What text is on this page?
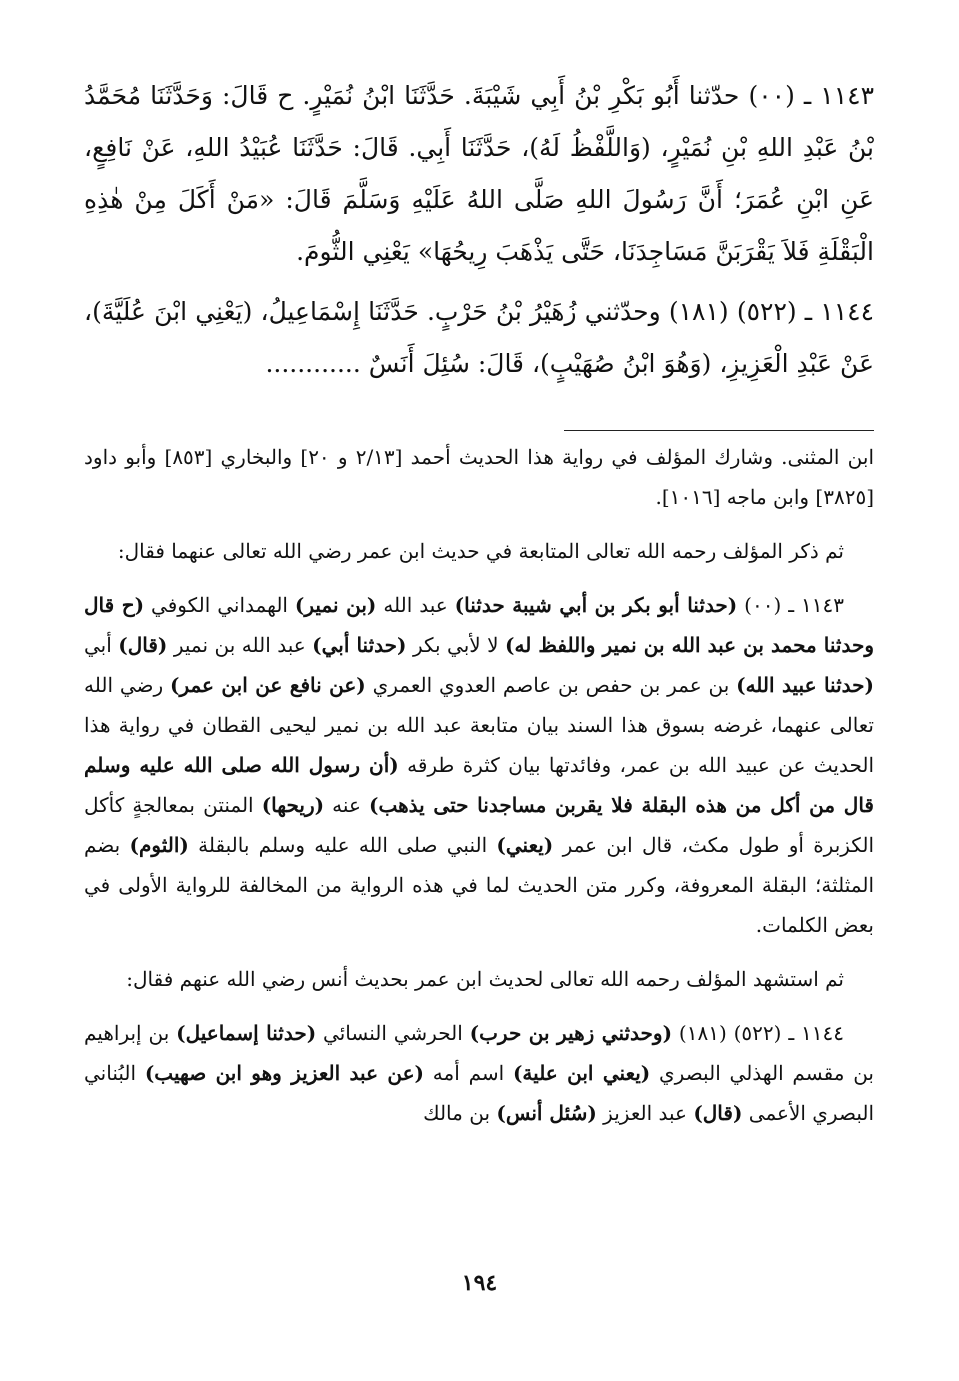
١١٤٣ ـ (٠٠) حدّثنا أَبُو بَكْرِ بْنُ أَبِي شَيْبَةَ. حَدَّثَنَا ابْنُ نُمَيْرٍ. ح قَالَ: وَحَدَّثَنَا مُحَمَّدُ بْنُ عَبْدِ اللهِ بْنِ نُمَيْرٍ، (وَاللَّفْظُ لَهُ)، حَدَّثَنَا أَبِي. قَالَ: حَدَّثَنَا عُبَيْدُ اللهِ، عَنْ نَافِعٍ، عَنِ ابْنِ عُمَرَ؛ أَنَّ رَسُولَ اللهِ صَلَّى اللهُ عَلَيْهِ وَسَلَّمَ قَالَ: «مَنْ أَكَلَ مِنْ هٰذِهِ الْبَقْلَةِ فَلاَ يَقْرَبَنَّ مَسَاجِدَنَا، حَتَّى يَذْهَبَ رِيحُهَا» يَعْنِي الثُّومَ.

١١٤٤ ـ (٥٢٢) (١٨١) وحدّثني زُهَيْرُ بْنُ حَرْبٍ. حَدَّثَنَا إِسْمَاعِيلُ، (يَعْنِي ابْنَ عُلَيَّةَ)، عَنْ عَبْدِ الْعَزِيزِ، (وَهُوَ ابْنُ صُهَيْبٍ)، قَالَ: سُئِلَ أَنَسٌ ............

ابن المثنى. وشارك المؤلف في رواية هذا الحديث أحمد [٢/١٣ و ٢٠] والبخاري [٨٥٣] وأبو داود [٣٨٢٥] وابن ماجه [١٠١٦].

ثم ذكر المؤلف رحمه الله تعالى المتابعة في حديث ابن عمر رضي الله تعالى عنهما فقال:

١١٤٣ ـ (٠٠) (حدثنا أبو بكر بن أبي شيبة حدثنا) عبد الله (بن نمير) الهمداني الكوفي (ح قال وحدثنا محمد بن عبد الله بن نمير واللفظ له) لا لأبي بكر (حدثنا أبي) عبد الله بن نمير (قال) أبي (حدثنا عبيد الله) بن عمر بن حفص بن عاصم العدوي العمري (عن نافع عن ابن عمر) رضي الله تعالى عنهما، غرضه بسوق هذا السند بيان متابعة عبد الله بن نمير ليحيى القطان في رواية هذا الحديث عن عبيد الله بن عمر، وفائدتها بيان كثرة طرقه (أن رسول الله صلى الله عليه وسلم قال من أكل من هذه البقلة فلا يقربن مساجدنا حتى يذهب) عنه (ريحها) المنتن بمعالجةٍ كأكل الكزبرة أو طول مكث، قال ابن عمر (يعني) النبي صلى الله عليه وسلم بالبقلة (الثوم) بضم المثلثة؛ البقلة المعروفة، وكرر متن الحديث لما في هذه الرواية من المخالفة للرواية الأولى في بعض الكلمات.

ثم استشهد المؤلف رحمه الله تعالى لحديث ابن عمر بحديث أنس رضي الله عنهم فقال:

١١٤٤ ـ (٥٢٢) (١٨١) (وحدثني زهير بن حرب) الحرشي النسائي (حدثنا إسماعيل) بن إبراهيم بن مقسم الهذلي البصري (يعني ابن علية) اسم أمه (عن عبد العزيز وهو ابن صهيب) البُناني البصري الأعمى (قال) عبد العزيز (سُئل أنس) بن مالك

١٩٤
